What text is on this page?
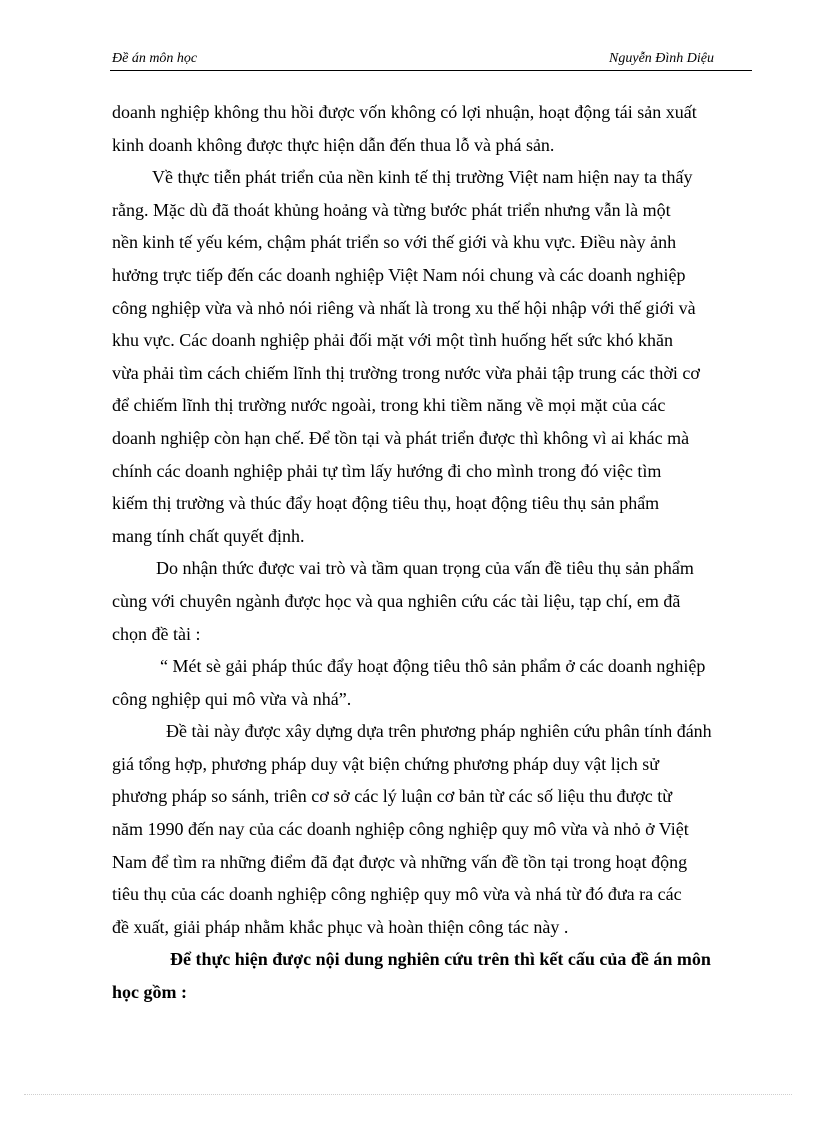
Đề án môn học	Nguyễn Đình Diệu

doanh nghiệp không thu hồi được vốn không có lợi nhuận, hoạt động tái sản xuất
kinh doanh không được thực hiện dẫn đến thua lỗ và phá sản.

Về thực tiễn phát triển của nền kinh tế thị trường Việt nam hiện nay ta thấy
rằng. Mặc dù đã thoát khủng hoảng và từng bước phát triển nhưng vẫn là một
nền kinh tế yếu kém, chậm phát triển so với thế giới và khu vực. Điều này ảnh
hưởng trực tiếp đến các doanh nghiệp Việt Nam nói chung và các doanh nghiệp
công nghiệp vừa và nhỏ nói riêng và nhất là trong xu thế hội nhập với thế giới và
khu vực. Các doanh nghiệp phải đối mặt với một tình huống hết sức khó khăn
vừa phải tìm cách chiếm lĩnh thị trường trong nước vừa phải tập trung các thời cơ
để chiếm lĩnh thị trường nước ngoài, trong khi tiềm năng về mọi mặt của các
doanh nghiệp còn hạn chế. Để tồn tại và phát triển được thì không vì ai khác mà
chính các doanh nghiệp phải tự tìm lấy hướng đi cho mình trong đó việc tìm
kiếm thị trường và thúc đẩy hoạt động tiêu thụ, hoạt động tiêu thụ sản phẩm
mang tính chất quyết định.

Do nhận thức được vai trò và tầm quan trọng của vấn đề tiêu thụ sản phẩm
cùng với chuyên ngành được học và qua nghiên cứu các tài liệu, tạp chí, em đã
chọn đề tài :

“ Mét sè gải pháp thúc đẩy hoạt động tiêu thô sản phẩm ở các doanh nghiệp
công nghiệp qui mô vừa và nhá”.

Đề tài này được xây dựng dựa trên phương pháp nghiên cứu phân tính đánh
giá tổng hợp, phương pháp duy vật biện chứng phương pháp duy vật lịch sử
phương pháp so sánh, triên cơ sở các lý luận cơ bản từ các số liệu thu được từ
năm 1990 đến nay của các doanh nghiệp công nghiệp quy mô vừa và nhỏ ở Việt
Nam để tìm ra những điểm đã đạt được và những vấn đề tồn tại trong hoạt động
tiêu thụ của các doanh nghiệp công nghiệp quy mô vừa và nhá từ đó đưa ra các
đề xuất, giải pháp nhằm khắc phục và hoàn thiện công tác này .

Để thực hiện được nội dung nghiên cứu trên thì kết cấu của đề án môn
học gồm :
